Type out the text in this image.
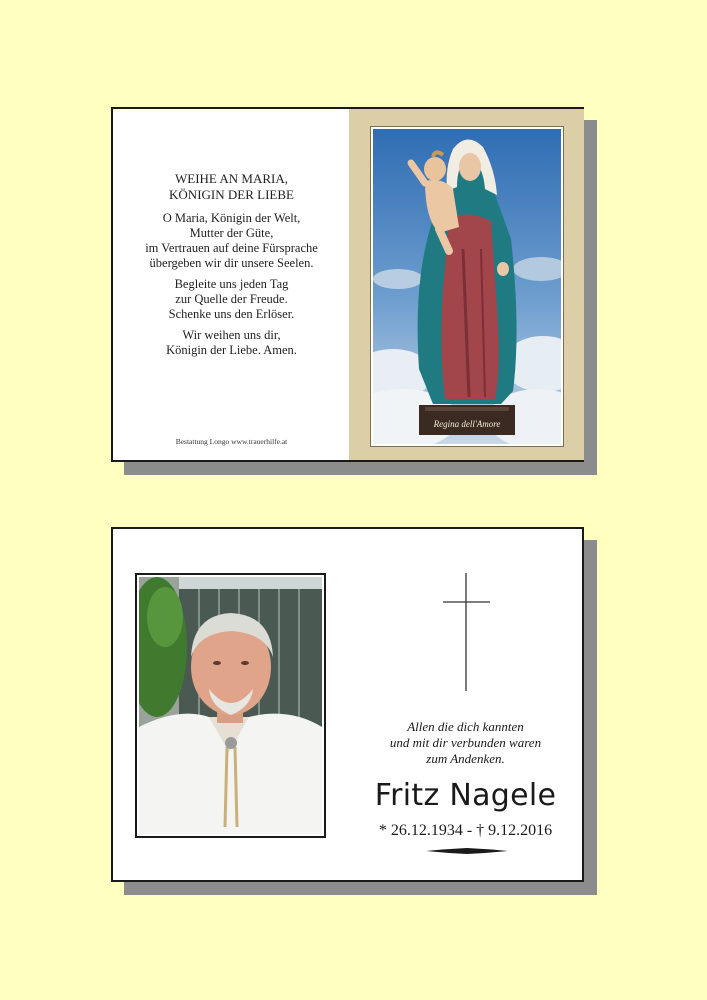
WEIHE AN MARIA,
KÖNIGIN DER LIEBE
O Maria, Königin der Welt,
Mutter der Güte,
im Vertrauen auf deine Fürsprache
übergeben wir dir unsere Seelen.
Begleite uns jeden Tag
zur Quelle der Freude.
Schenke uns den Erlöser.
Wir weihen uns dir,
Königin der Liebe. Amen.
Bestattung Longo www.trauerhilfe.at
Regina dell'Amore
Allen die dich kannten
und mit dir verbunden waren
zum Andenken.
Fritz Nagele
* 26.12.1934 - † 9.12.2016
